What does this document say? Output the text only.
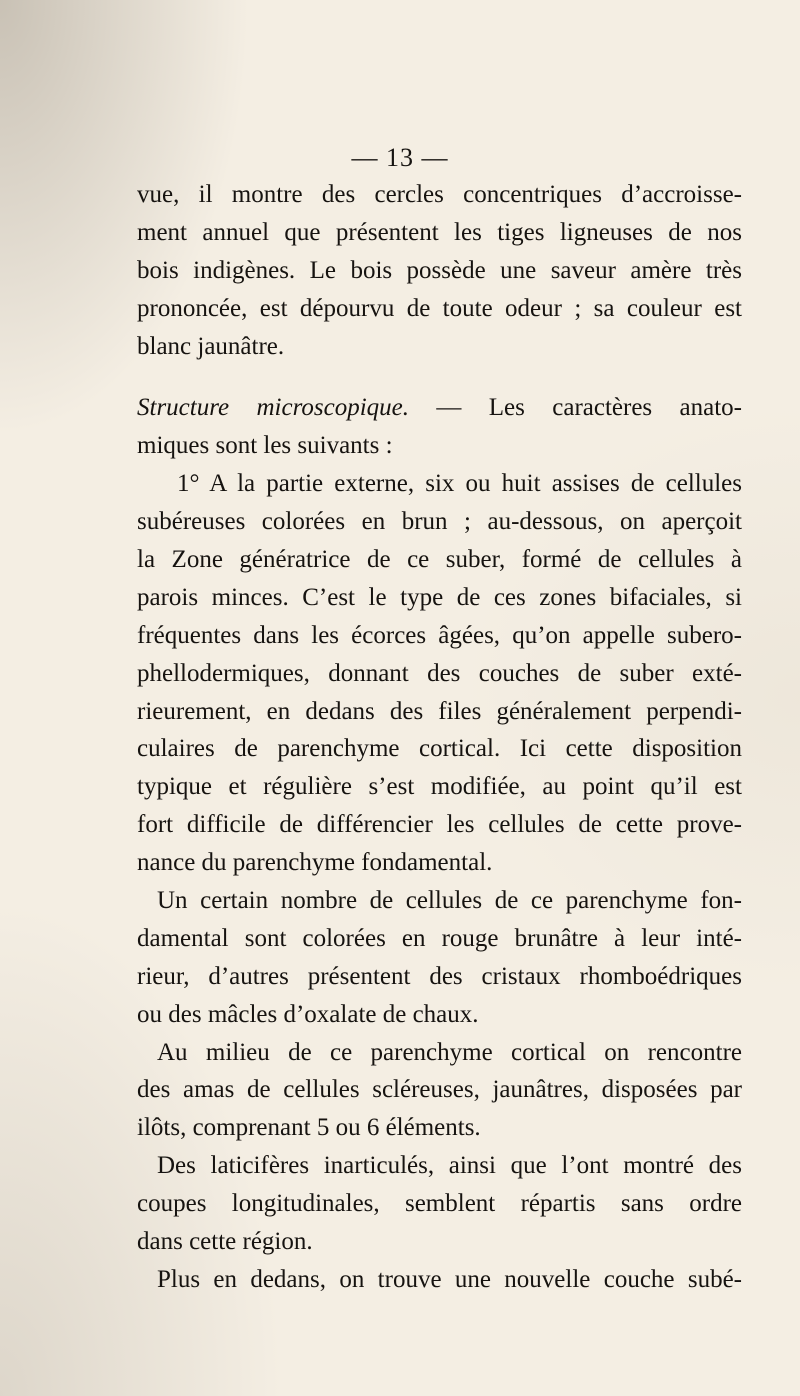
— 13 —
vue, il montre des cercles concentriques d’accroisse-
ment annuel que présentent les tiges ligneuses de nos
bois indigènes. Le bois possède une saveur amère très
prononcée, est dépourvu de toute odeur ; sa couleur est
blanc jaunâtre.
Structure microscopique. — Les caractères anato-
miques sont les suivants :
1° A la partie externe, six ou huit assises de cellules
subéreuses colorées en brun ; au-dessous, on aperçoit
la Zone génératrice de ce suber, formé de cellules à
parois minces. C’est le type de ces zones bifaciales, si
fréquentes dans les écorces âgées, qu’on appelle subero-
phellodermiques, donnant des couches de suber exté-
rieurement, en dedans des files généralement perpendi-
culaires de parenchyme cortical. Ici cette disposition
typique et régulière s’est modifiée, au point qu’il est
fort difficile de différencier les cellules de cette prove-
nance du parenchyme fondamental.
Un certain nombre de cellules de ce parenchyme fon-
damental sont colorées en rouge brunâtre à leur inté-
rieur, d’autres présentent des cristaux rhomboédriques
ou des mâcles d’oxalate de chaux.
Au milieu de ce parenchyme cortical on rencontre
des amas de cellules scléreuses, jaunâtres, disposées par
ilôts, comprenant 5 ou 6 éléments.
Des laticifères inarticulés, ainsi que l’ont montré des
coupes longitudinales, semblent répartis sans ordre
dans cette région.
Plus en dedans, on trouve une nouvelle couche subé-
